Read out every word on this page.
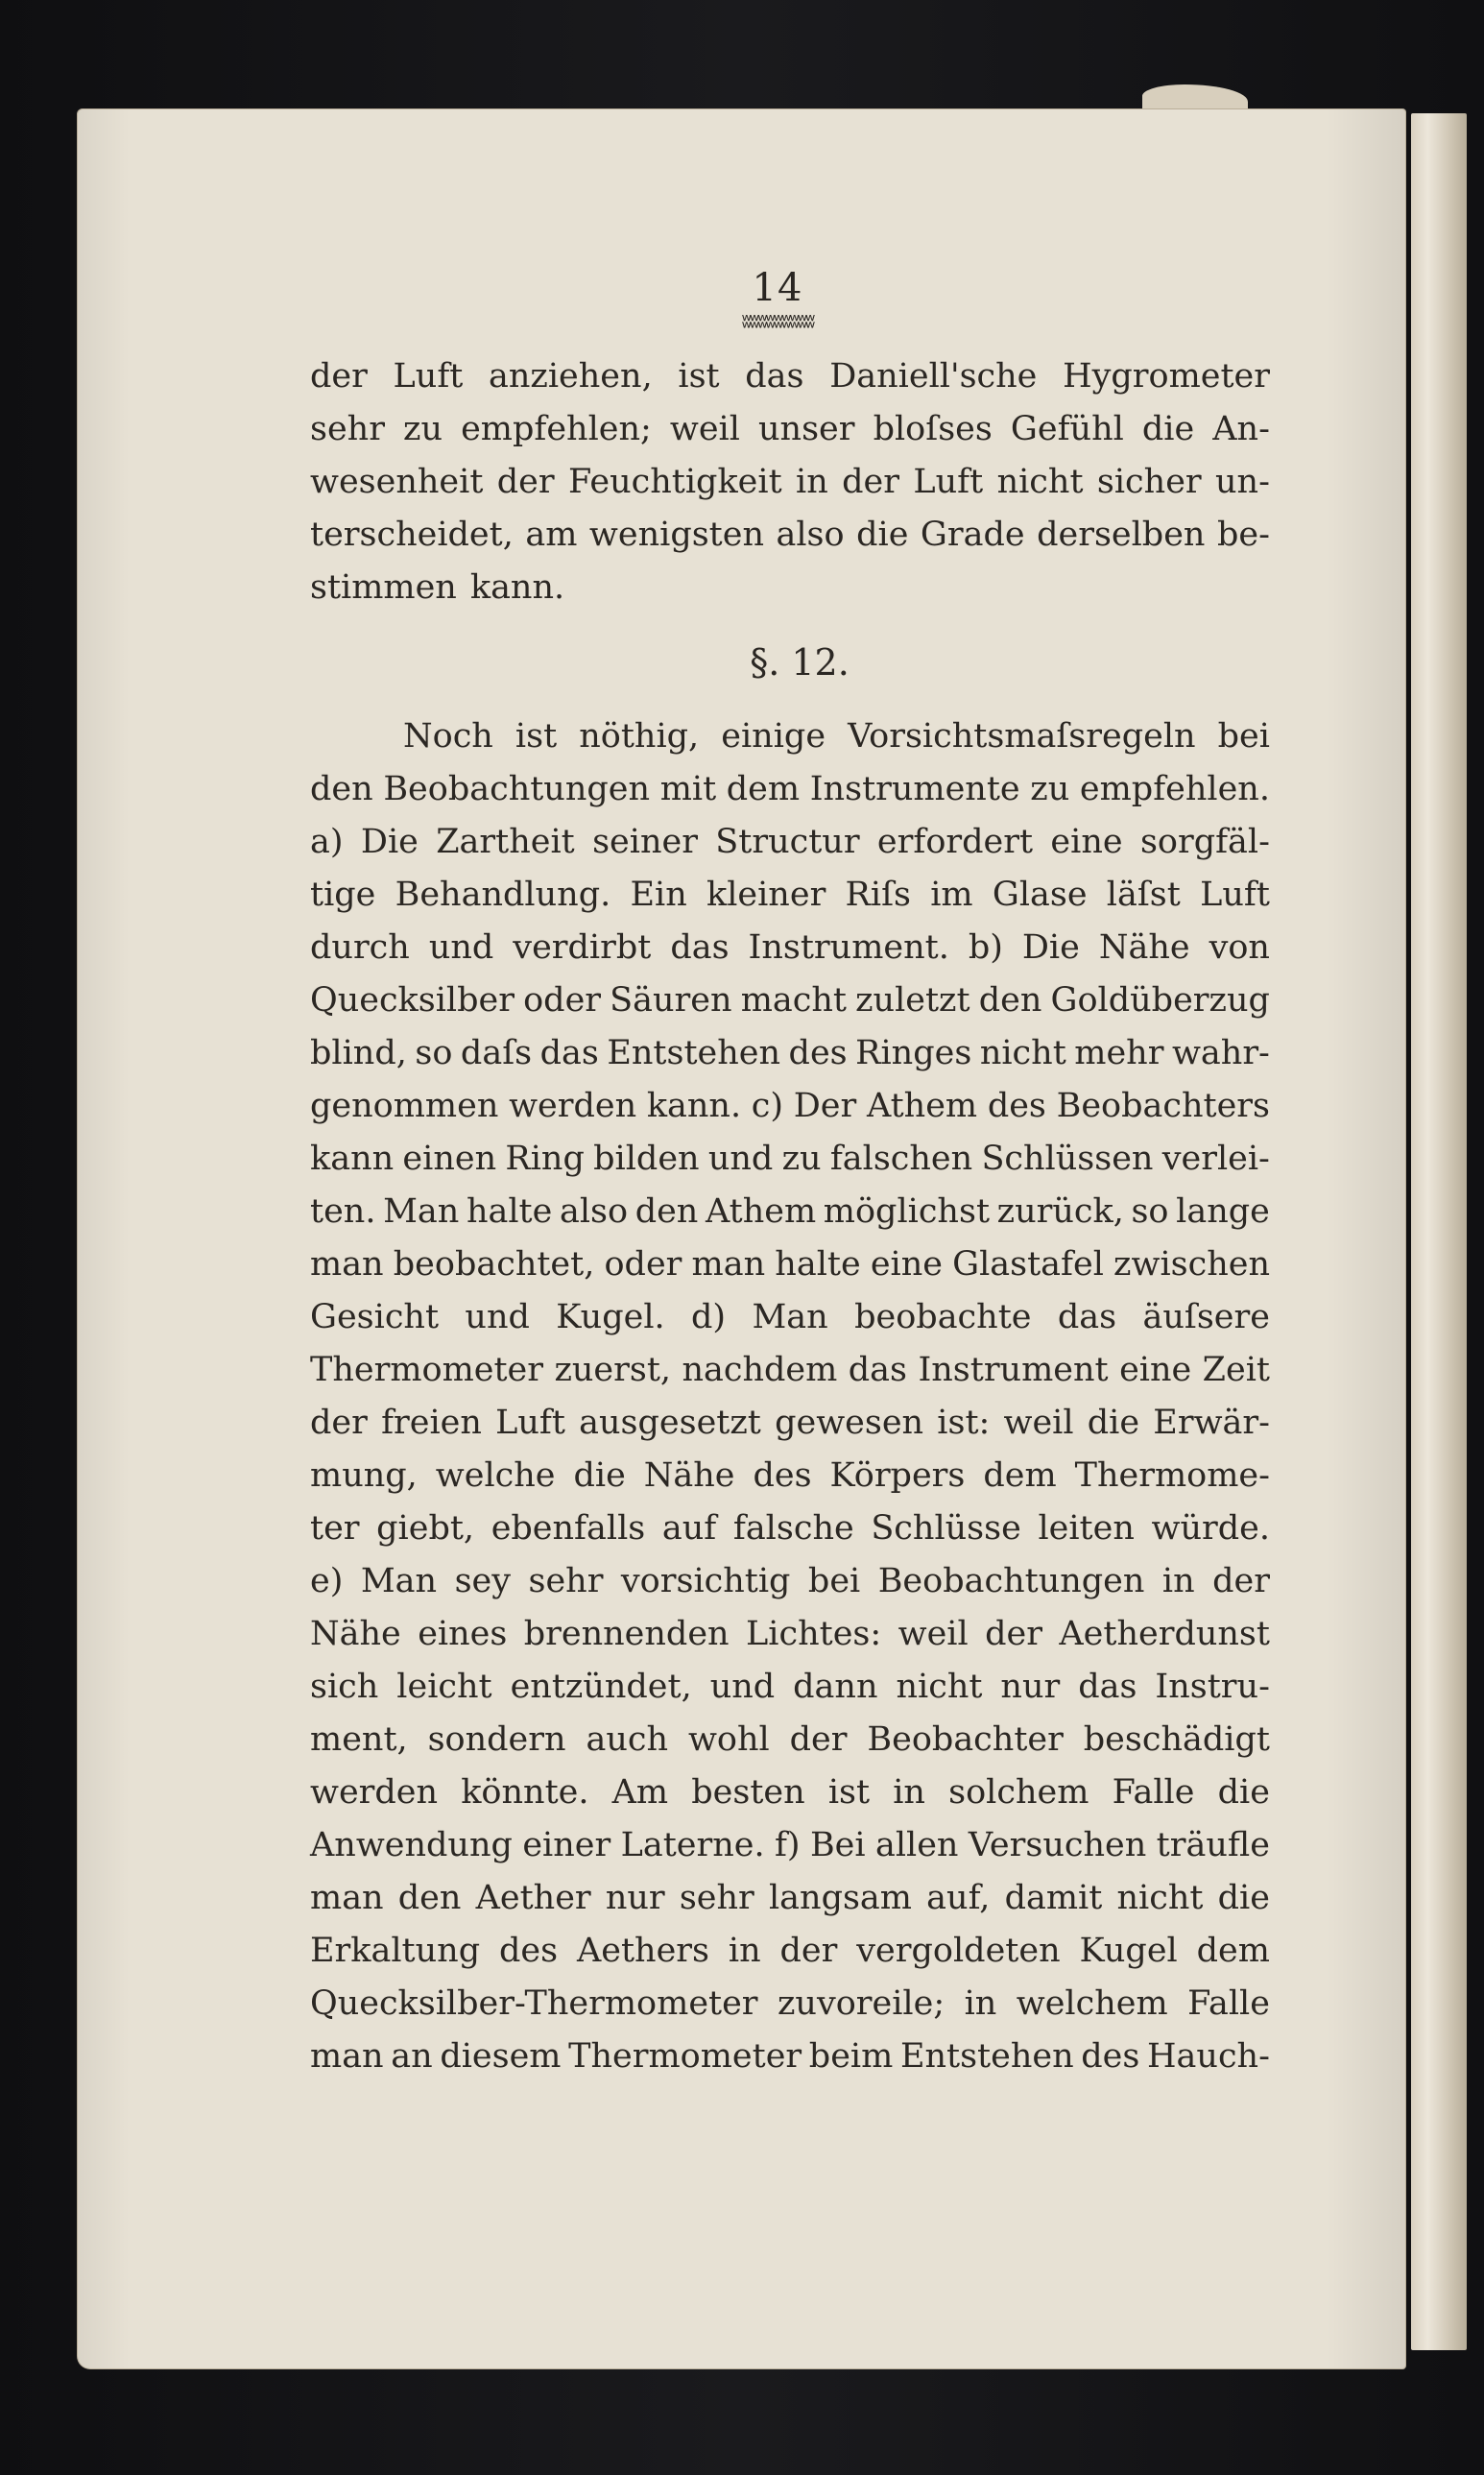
14
ʬʬʬʬʬʬʬʬʬ
der Luft anziehen, ist das Daniell'sche Hygrometer
sehr zu empfehlen; weil unser bloſses Gefühl die An-
wesenheit der Feuchtigkeit in der Luft nicht sicher un-
terscheidet, am wenigsten also die Grade derselben be-
stimmen kann.
§. 12.
Noch ist nöthig, einige Vorsichtsmaſsregeln bei
den Beobachtungen mit dem Instrumente zu empfehlen.
a) Die Zartheit seiner Structur erfordert eine sorgfäl-
tige Behandlung. Ein kleiner Riſs im Glase läſst Luft
durch und verdirbt das Instrument. b) Die Nähe von
Quecksilber oder Säuren macht zuletzt den Goldüberzug
blind, so daſs das Entstehen des Ringes nicht mehr wahr-
genommen werden kann. c) Der Athem des Beobachters
kann einen Ring bilden und zu falschen Schlüssen verlei-
ten. Man halte also den Athem möglichst zurück, so lange
man beobachtet, oder man halte eine Glastafel zwischen
Gesicht und Kugel. d) Man beobachte das äuſsere
Thermometer zuerst, nachdem das Instrument eine Zeit
der freien Luft ausgesetzt gewesen ist: weil die Erwär-
mung, welche die Nähe des Körpers dem Thermome-
ter giebt, ebenfalls auf falsche Schlüsse leiten würde.
e) Man sey sehr vorsichtig bei Beobachtungen in der
Nähe eines brennenden Lichtes: weil der Aetherdunst
sich leicht entzündet, und dann nicht nur das Instru-
ment, sondern auch wohl der Beobachter beschädigt
werden könnte. Am besten ist in solchem Falle die
Anwendung einer Laterne. f) Bei allen Versuchen träufle
man den Aether nur sehr langsam auf, damit nicht die
Erkaltung des Aethers in der vergoldeten Kugel dem
Quecksilber-Thermometer zuvoreile; in welchem Falle
man an diesem Thermometer beim Entstehen des Hauch-
